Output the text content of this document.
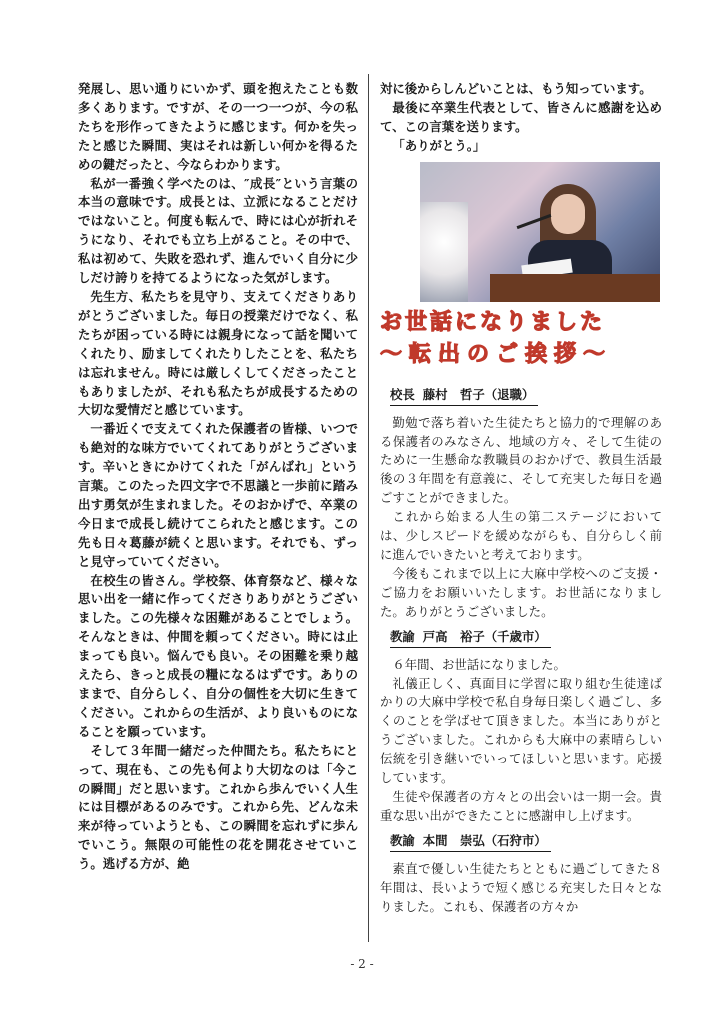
発展し、思い通りにいかず、頭を抱えたことも数多くあります。ですが、その一つ一つが、今の私たちを形作ってきたように感じます。何かを失ったと感じた瞬間、実はそれは新しい何かを得るための鍵だったと、今ならわかります。

私が一番強く学べたのは、″成長″という言葉の本当の意味です。成長とは、立派になることだけではないこと。何度も転んで、時には心が折れそうになり、それでも立ち上がること。その中で、私は初めて、失敗を恐れず、進んでいく自分に少しだけ誇りを持てるようになった気がします。

先生方、私たちを見守り、支えてくださりありがとうございました。毎日の授業だけでなく、私たちが困っている時には親身になって話を聞いてくれたり、励ましてくれたりしたことを、私たちは忘れません。時には厳しくしてくださったこともありましたが、それも私たちが成長するための大切な愛情だと感じています。

一番近くで支えてくれた保護者の皆様、いつでも絶対的な味方でいてくれてありがとうございます。辛いときにかけてくれた「がんばれ」という言葉。このたった四文字で不思議と一歩前に踏み出す勇気が生まれました。そのおかげで、卒業の今日まで成長し続けてこられたと感じます。この先も日々葛藤が続くと思います。それでも、ずっと見守っていてください。

在校生の皆さん。学校祭、体育祭など、様々な思い出を一緒に作ってくださりありがとうございました。この先様々な困難があることでしょう。そんなときは、仲間を頼ってください。時には止まっても良い。悩んでも良い。その困難を乗り越えたら、きっと成長の糧になるはずです。ありのままで、自分らしく、自分の個性を大切に生きてください。これからの生活が、より良いものになることを願っています。

そして３年間一緒だった仲間たち。私たちにとって、現在も、この先も何より大切なのは「今この瞬間」だと思います。これから歩んでいく人生には目標があるのみです。これから先、どんな未来が待っていようとも、この瞬間を忘れずに歩んでいこう。無限の可能性の花を開花させていこう。逃げる方が、絶

対に後からしんどいことは、もう知っています。

最後に卒業生代表として、皆さんに感謝を込めて、この言葉を送ります。

「ありがとう。」

お世話になりました
～転出のご挨拶～
校長 藤村　哲子（退職）

勤勉で落ち着いた生徒たちと協力的で理解のある保護者のみなさん、地域の方々、そして生徒のために一生懸命な教職員のおかげで、教員生活最後の３年間を有意義に、そして充実した毎日を過ごすことができました。

これから始まる人生の第二ステージにおいては、少しスピードを緩めながらも、自分らしく前に進んでいきたいと考えております。

今後もこれまで以上に大麻中学校へのご支援・ご協力をお願いいたします。お世話になりました。ありがとうございました。

教諭 戸高　裕子（千歳市）

６年間、お世話になりました。

礼儀正しく、真面目に学習に取り組む生徒達ばかりの大麻中学校で私自身毎日楽しく過ごし、多くのことを学ばせて頂きました。本当にありがとうございました。これからも大麻中の素晴らしい伝統を引き継いでいってほしいと思います。応援しています。

生徒や保護者の方々との出会いは一期一会。貴重な思い出ができたことに感謝申し上げます。

教諭 本間　崇弘（石狩市）

素直で優しい生徒たちとともに過ごしてきた８年間は、長いようで短く感じる充実した日々となりました。これも、保護者の方々か

- 2 -
